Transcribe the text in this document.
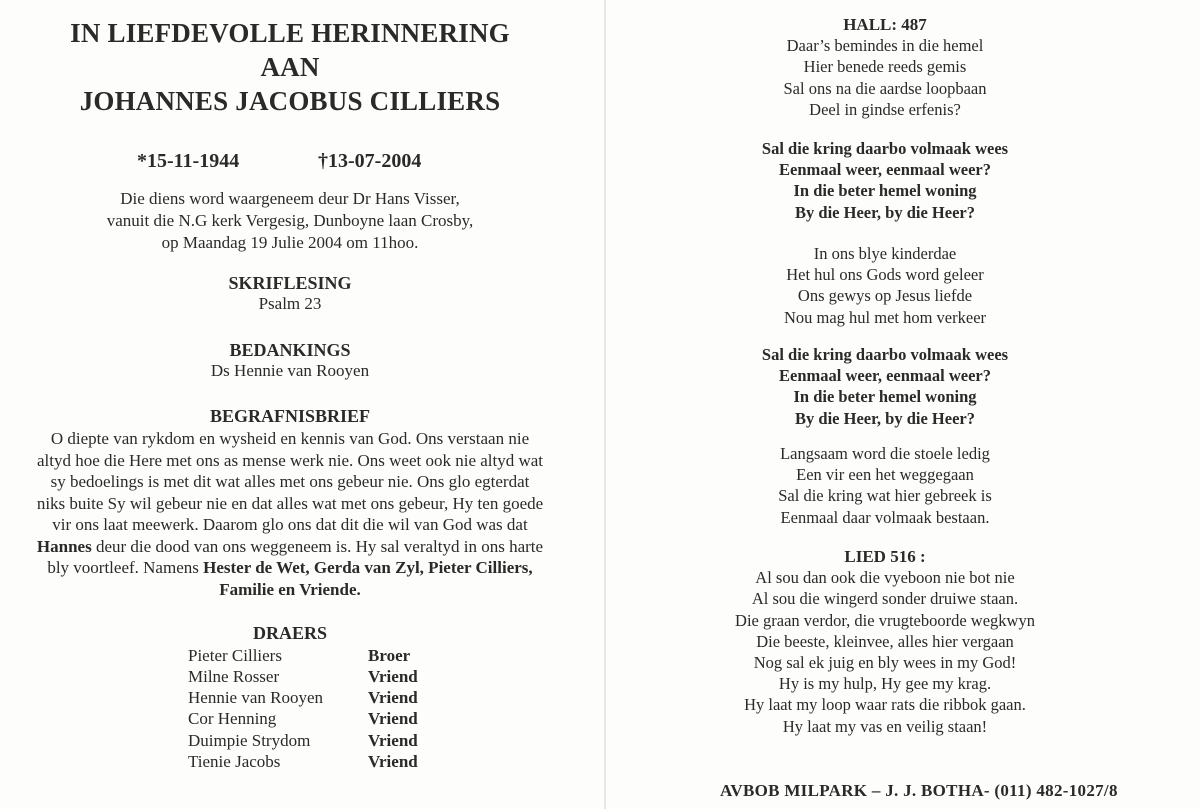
IN LIEFDEVOLLE HERINNERING
AAN
JOHANNES JACOBUS CILLIERS
*15-11-1944	†13-07-2004
Die diens word waargeneem deur Dr Hans Visser,
vanuit die N.G kerk Vergesig, Dunboyne laan Crosby,
op Maandag 19 Julie 2004 om 11hoo.
SKRIFLESING
Psalm 23
BEDANKINGS
Ds Hennie van Rooyen
BEGRAFNISBRIEF
O diepte van rykdom en wysheid en kennis van God. Ons verstaan nie
altyd hoe die Here met ons as mense werk nie. Ons weet ook nie altyd wat
sy bedoelings is met dit wat alles met ons gebeur nie. Ons glo egterdat
niks buite Sy wil gebeur nie en dat alles wat met ons gebeur, Hy ten goede
vir ons laat meewerk. Daarom glo ons dat dit die wil van God was dat
Hannes deur die dood van ons weggeneem is. Hy sal veraltyd in ons harte
bly voortleef. Namens Hester de Wet, Gerda van Zyl, Pieter Cilliers,
Familie en Vriende.
DRAERS
Pieter Cilliers	Broer
Milne Rosser	Vriend
Hennie van Rooyen	Vriend
Cor Henning	Vriend
Duimpie Strydom	Vriend
Tienie Jacobs	Vriend
HALL: 487
Daar’s bemindes in die hemel
Hier benede reeds gemis
Sal ons na die aardse loopbaan
Deel in gindse erfenis?
Sal die kring daarbo volmaak wees
Eenmaal weer, eenmaal weer?
In die beter hemel woning
By die Heer, by die Heer?
In ons blye kinderdae
Het hul ons Gods word geleer
Ons gewys op Jesus liefde
Nou mag hul met hom verkeer
Sal die kring daarbo volmaak wees
Eenmaal weer, eenmaal weer?
In die beter hemel woning
By die Heer, by die Heer?
Langsaam word die stoele ledig
Een vir een het weggegaan
Sal die kring wat hier gebreek is
Eenmaal daar volmaak bestaan.
LIED 516 :
Al sou dan ook die vyeboon nie bot nie
Al sou die wingerd sonder druiwe staan.
Die graan verdor, die vrugteboorde wegkwyn
Die beeste, kleinvee, alles hier vergaan
Nog sal ek juig en bly wees in my God!
Hy is my hulp, Hy gee my krag.
Hy laat my loop waar rats die ribbok gaan.
Hy laat my vas en veilig staan!
AVBOB MILPARK – J. J. BOTHA- (011) 482-1027/8
